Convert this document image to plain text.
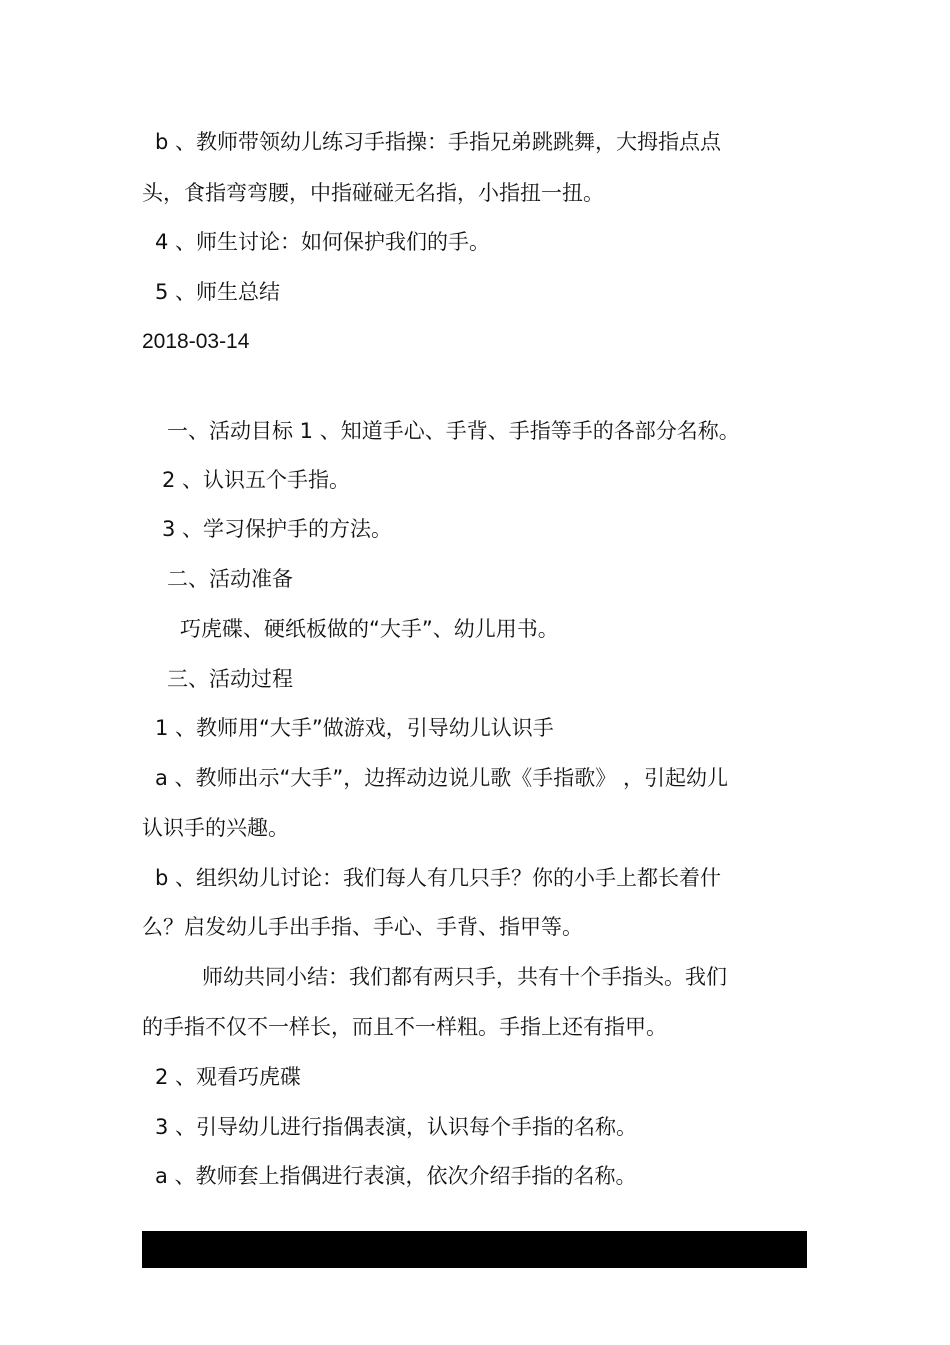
b 、教师带领幼儿练习手指操：手指兄弟跳跳舞，大拇指点点
头，食指弯弯腰，中指碰碰无名指，小指扭一扭。
4 、师生讨论：如何保护我们的手。
5 、师生总结
2018-03-14
一、活动目标 1 、知道手心、手背、手指等手的各部分名称。
2 、认识五个手指。
3 、学习保护手的方法。
二、活动准备
巧虎碟、硬纸板做的“大手”、幼儿用书。
三、活动过程
1 、教师用“大手”做游戏，引导幼儿认识手
a 、教师出示“大手”，边挥动边说儿歌《手指歌》 ，引起幼儿
认识手的兴趣。
b 、组织幼儿讨论：我们每人有几只手？你的小手上都长着什
么？启发幼儿手出手指、手心、手背、指甲等。
师幼共同小结：我们都有两只手，共有十个手指头。我们
的手指不仅不一样长，而且不一样粗。手指上还有指甲。
2 、观看巧虎碟
3 、引导幼儿进行指偶表演，认识每个手指的名称。
a 、教师套上指偶进行表演，依次介绍手指的名称。
